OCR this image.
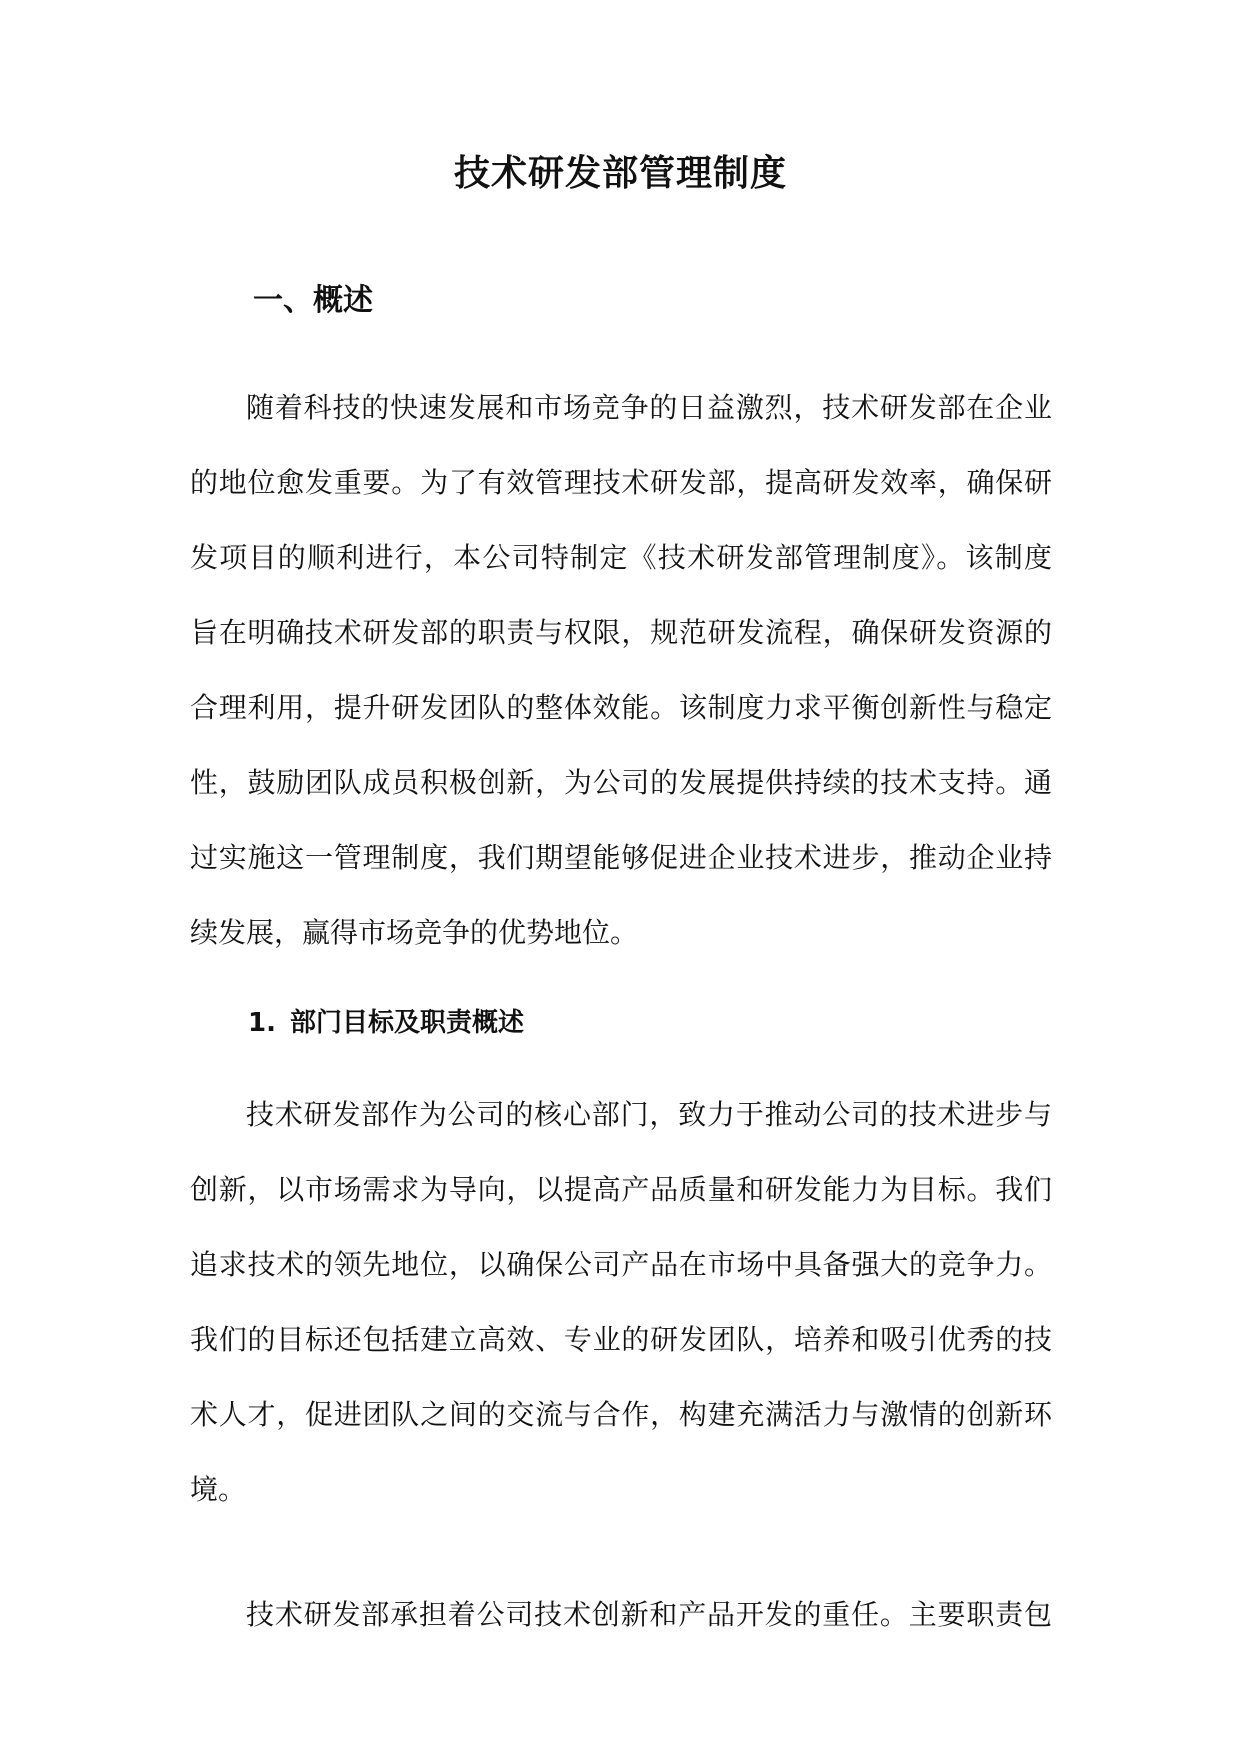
技术研发部管理制度
一、概述

随着科技的快速发展和市场竞争的日益激烈，技术研发部在企业
的地位愈发重要。为了有效管理技术研发部，提高研发效率，确保研
发项目的顺利进行，本公司特制定《技术研发部管理制度》。该制度
旨在明确技术研发部的职责与权限，规范研发流程，确保研发资源的
合理利用，提升研发团队的整体效能。该制度力求平衡创新性与稳定
性，鼓励团队成员积极创新，为公司的发展提供持续的技术支持。通
过实施这一管理制度，我们期望能够促进企业技术进步，推动企业持
续发展，赢得市场竞争的优势地位。

1. 部门目标及职责概述

技术研发部作为公司的核心部门，致力于推动公司的技术进步与
创新，以市场需求为导向，以提高产品质量和研发能力为目标。我们
追求技术的领先地位，以确保公司产品在市场中具备强大的竞争力。
我们的目标还包括建立高效、专业的研发团队，培养和吸引优秀的技
术人才，促进团队之间的交流与合作，构建充满活力与激情的创新环
境。

技术研发部承担着公司技术创新和产品开发的重任。主要职责包
